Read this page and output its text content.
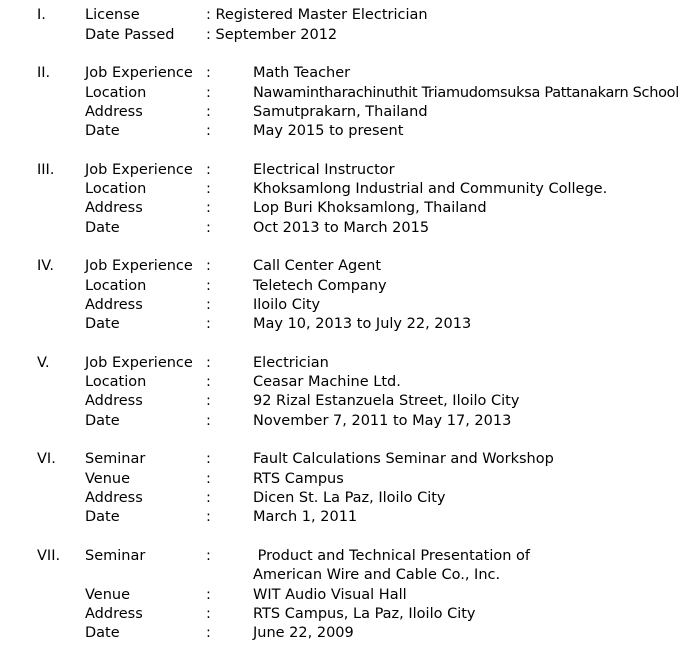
I.	License	: Registered Master Electrician
Date Passed : September 2012
II. Job Experience :	Math Teacher
Location	:	Nawamintharachinuthit Triamudomsuksa Pattanakarn School
Address	:	Samutprakarn, Thailand
Date	:	May 2015 to present
III. Job Experience :	Electrical Instructor
Location	:	Khoksamlong Industrial and Community College.
Address	:	Lop Buri Khoksamlong, Thailand
Date	:	Oct 2013 to March 2015
IV. Job Experience :	Call Center Agent
Location	:	Teletech Company
Address	:	Iloilo City
Date	:	May 10, 2013 to July 22, 2013
V. Job Experience :	Electrician
Location	:	Ceasar Machine Ltd.
Address	:	92 Rizal Estanzuela Street, Iloilo City
Date	:	November 7, 2011 to May 17, 2013
VI. Seminar	:	Fault Calculations Seminar and Workshop
Venue	:	RTS Campus
Address	:	Dicen St. La Paz, Iloilo City
Date	:	March 1, 2011
VII. Seminar	:	Product and Technical Presentation of
American Wire and Cable Co., Inc.
Venue	:	WIT Audio Visual Hall
Address	:	RTS Campus, La Paz, Iloilo City
Date	:	June 22, 2009
